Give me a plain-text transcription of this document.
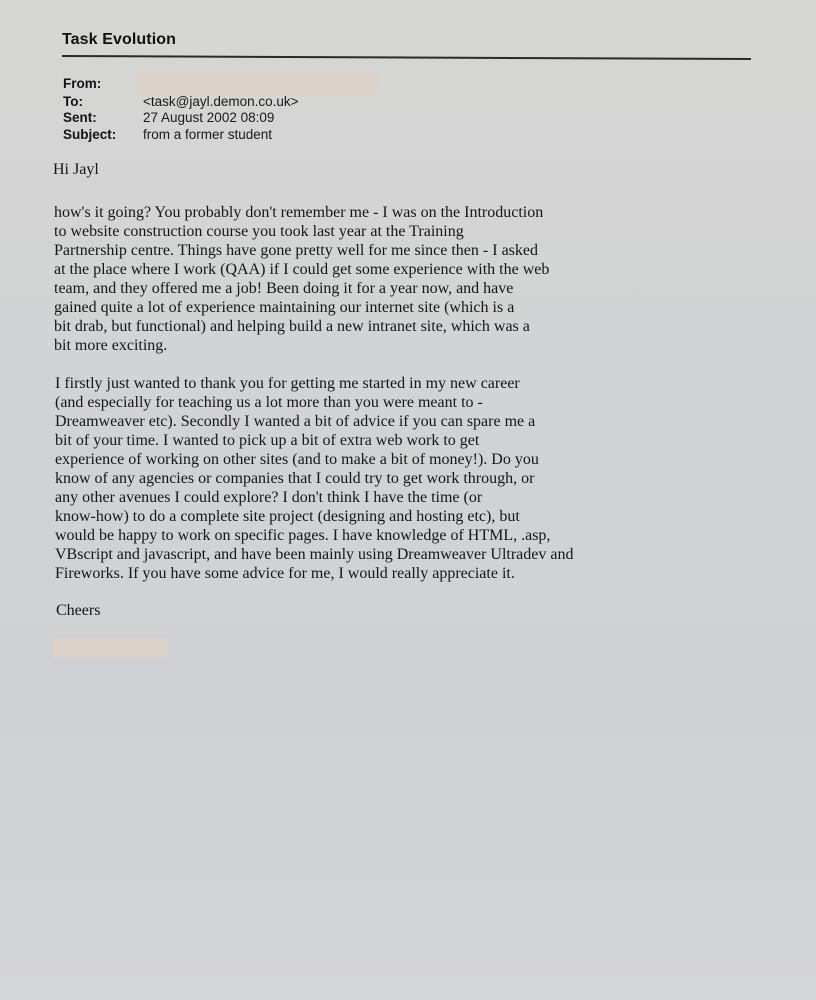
Task Evolution
From:
To:	<task@jayl.demon.co.uk>
Sent:	27 August 2002 08:09
Subject: from a former student
Hi Jayl
how's it going? You probably don't remember me - I was on the Introduction
to website construction course you took last year at the Training
Partnership centre. Things have gone pretty well for me since then - I asked
at the place where I work (QAA) if I could get some experience with the web
team, and they offered me a job! Been doing it for a year now, and have
gained quite a lot of experience maintaining our internet site (which is a
bit drab, but functional) and helping build a new intranet site, which was a
bit more exciting.
I firstly just wanted to thank you for getting me started in my new career
(and especially for teaching us a lot more than you were meant to -
Dreamweaver etc). Secondly I wanted a bit of advice if you can spare me a
bit of your time. I wanted to pick up a bit of extra web work to get
experience of working on other sites (and to make a bit of money!). Do you
know of any agencies or companies that I could try to get work through, or
any other avenues I could explore? I don't think I have the time (or
know-how) to do a complete site project (designing and hosting etc), but
would be happy to work on specific pages. I have knowledge of HTML, .asp,
VBscript and javascript, and have been mainly using Dreamweaver Ultradev and
Fireworks. If you have some advice for me, I would really appreciate it.
Cheers
